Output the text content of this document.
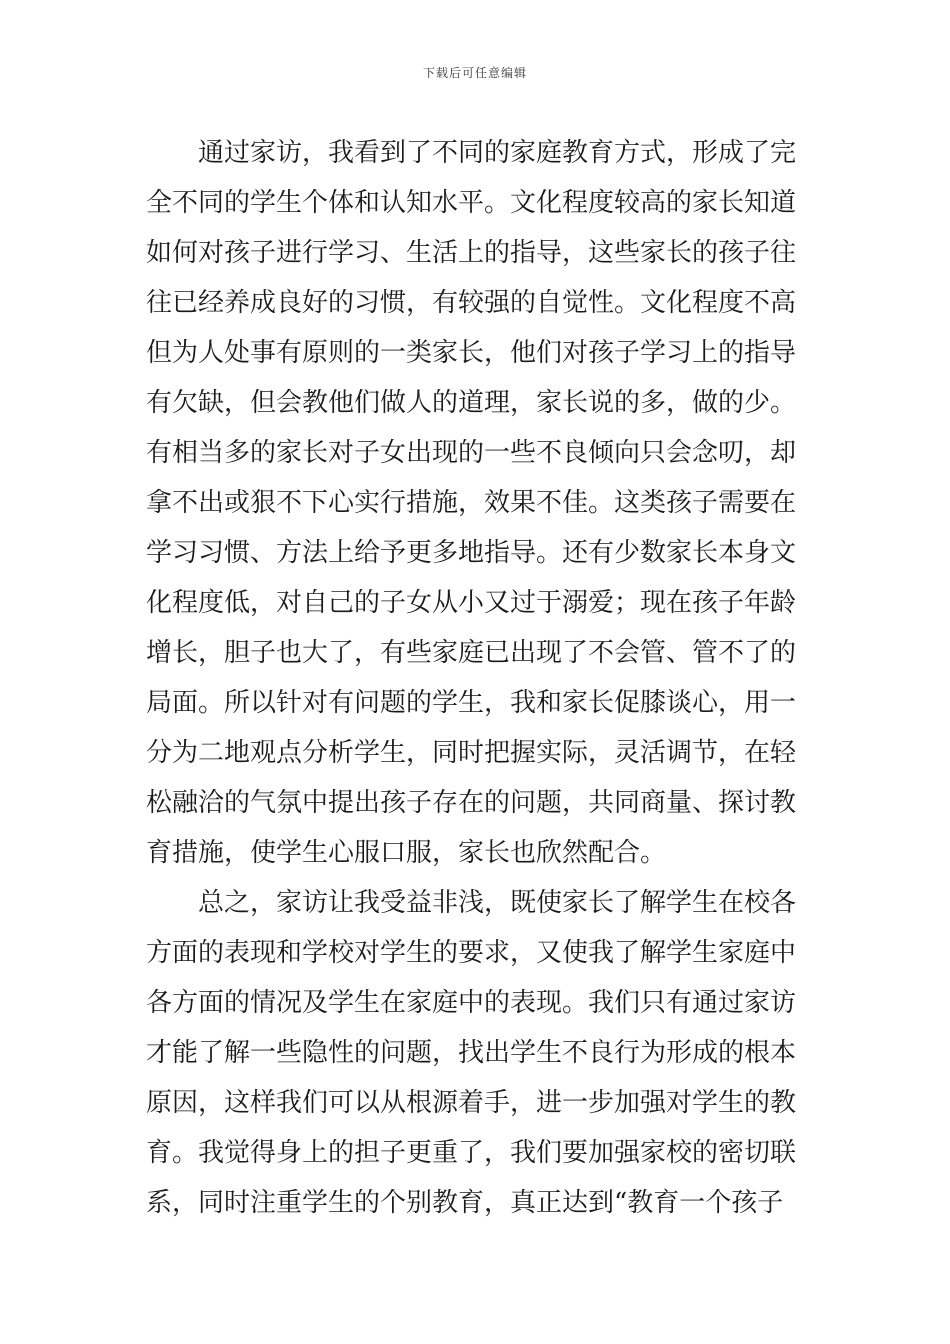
下载后可任意编辑
通过家访，我看到了不同的家庭教育方式，形成了完
全不同的学生个体和认知水平。文化程度较高的家长知道
如何对孩子进行学习、生活上的指导，这些家长的孩子往
往已经养成良好的习惯，有较强的自觉性。文化程度不高
但为人处事有原则的一类家长，他们对孩子学习上的指导
有欠缺，但会教他们做人的道理，家长说的多，做的少。
有相当多的家长对子女出现的一些不良倾向只会念叨，却
拿不出或狠不下心实行措施，效果不佳。这类孩子需要在
学习习惯、方法上给予更多地指导。还有少数家长本身文
化程度低，对自己的子女从小又过于溺爱；现在孩子年龄
增长，胆子也大了，有些家庭已出现了不会管、管不了的
局面。所以针对有问题的学生，我和家长促膝谈心，用一
分为二地观点分析学生，同时把握实际，灵活调节，在轻
松融洽的气氛中提出孩子存在的问题，共同商量、探讨教
育措施，使学生心服口服，家长也欣然配合。
总之，家访让我受益非浅，既使家长了解学生在校各
方面的表现和学校对学生的要求，又使我了解学生家庭中
各方面的情况及学生在家庭中的表现。我们只有通过家访
才能了解一些隐性的问题，找出学生不良行为形成的根本
原因，这样我们可以从根源着手，进一步加强对学生的教
育。我觉得身上的担子更重了，我们要加强家校的密切联
系，同时注重学生的个别教育，真正达到“教育一个孩子
